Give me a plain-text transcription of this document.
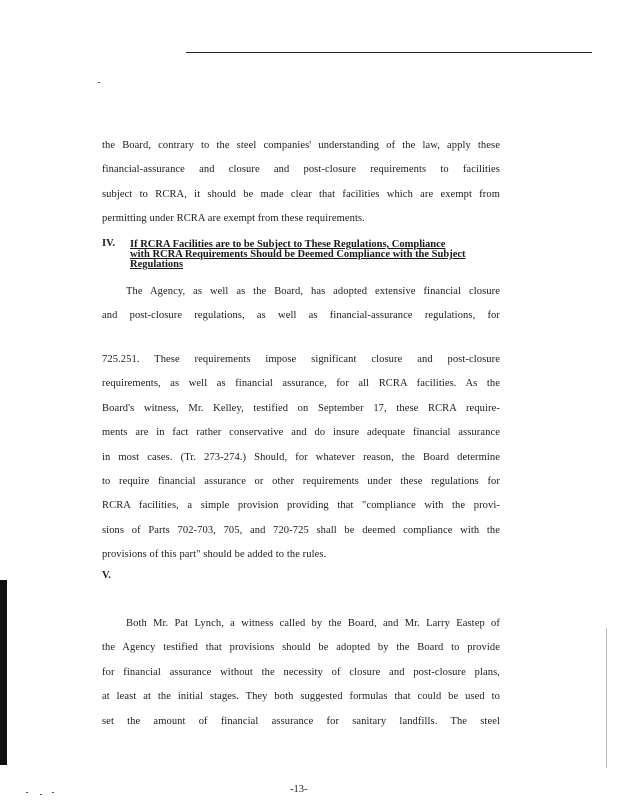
the Board, contrary to the steel companies' understanding of the law, apply these
financial-assurance and closure and post-closure requirements to facilities
subject to RCRA, it should be made clear that facilities which are exempt from
permitting under RCRA are exempt from these requirements.

IV. If RCRA Facilities are to be Subject to These Regulations, Compliance
with RCRA Requirements Should be Deemed Compliance with the Subject
Regulations

The Agency, as well as the Board, has adopted extensive financial closure
and post-closure regulations, as well as financial-assurance regulations, for

725.251. These requirements impose significant closure and post-closure
requirements, as well as financial assurance, for all RCRA facilities. As the
Board's witness, Mr. Kelley, testified on September 17, these RCRA require-
ments are in fact rather conservative and do insure adequate financial assurance
in most cases. (Tr. 273-274.) Should, for whatever reason, the Board determine
to require financial assurance or other requirements under these regulations for
RCRA facilities, a simple provision providing that "compliance with the provi-
sions of Parts 702-703, 705, and 720-725 shall be deemed compliance with the
provisions of this part" should be added to the rules.

V.

Both Mr. Pat Lynch, a witness called by the Board, and Mr. Larry Eastep of
the Agency testified that provisions should be adopted by the Board to provide
for financial assurance without the necessity of closure and post-closure plans,
at least at the initial stages. They both suggested formulas that could be used to
set the amount of financial assurance for sanitary landfills. The steel

-13-
